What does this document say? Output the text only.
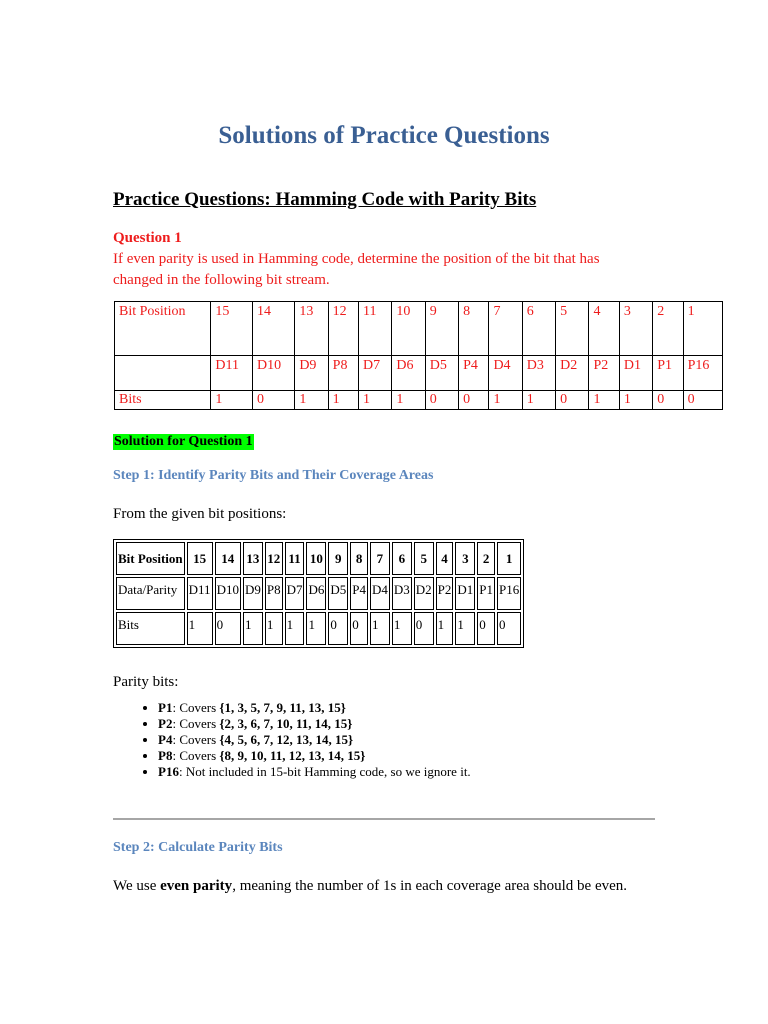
Solutions of Practice Questions
Practice Questions: Hamming Code with Parity Bits
Question 1
If even parity is used in Hamming code, determine the position of the bit that has changed in the following bit stream.
Bit Position	15	14	13	12	11	10	9	8	7	6	5	4	3	2	1
	D11	D10	D9	P8	D7	D6	D5	P4	D4	D3	D2	P2	D1	P1	P16
Bits	1	0	1	1	1	1	0	0	1	1	0	1	1	0	0
Solution for Question 1
Step 1: Identify Parity Bits and Their Coverage Areas
From the given bit positions:
Bit Position	15	14	13	12	11	10	9	8	7	6	5	4	3	2	1
Data/Parity	D11	D10	D9	P8	D7	D6	D5	P4	D4	D3	D2	P2	D1	P1	P16
Bits	1	0	1	1	1	1	0	0	1	1	0	1	1	0	0
Parity bits:
• P1: Covers {1, 3, 5, 7, 9, 11, 13, 15}
• P2: Covers {2, 3, 6, 7, 10, 11, 14, 15}
• P4: Covers {4, 5, 6, 7, 12, 13, 14, 15}
• P8: Covers {8, 9, 10, 11, 12, 13, 14, 15}
• P16: Not included in 15-bit Hamming code, so we ignore it.
Step 2: Calculate Parity Bits
We use even parity, meaning the number of 1s in each coverage area should be even.
